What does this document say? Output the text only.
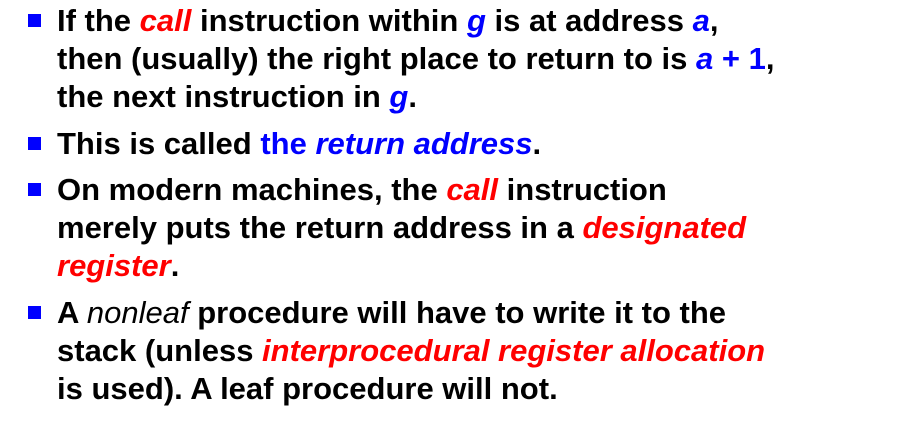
If the call instruction within g is at address a,
then (usually) the right place to return to is a + 1,
the next instruction in g.
This is called the return address.
On modern machines, the call instruction
merely puts the return address in a designated
register.
A nonleaf procedure will have to write it to the
stack (unless interprocedural register allocation
is used). A leaf procedure will not.
